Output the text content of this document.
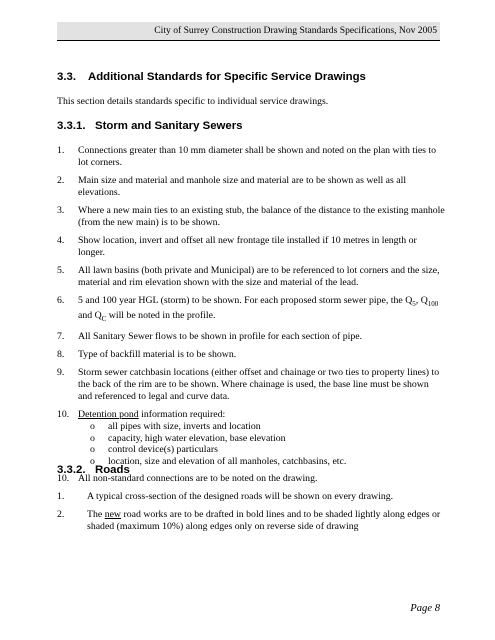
City of Surrey Construction Drawing Standards Specifications, Nov 2005
3.3. Additional Standards for Specific Service Drawings

This section details standards specific to individual service drawings.

3.3.1. Storm and Sanitary Sewers
1. Connections greater than 10 mm diameter shall be shown and noted on the plan with ties to lot corners.
2. Main size and material and manhole size and material are to be shown as well as all elevations.
3. Where a new main ties to an existing stub, the balance of the distance to the existing manhole (from the new main) is to be shown.
4. Show location, invert and offset all new frontage tile installed if 10 metres in length or longer.
5. All lawn basins (both private and Municipal) are to be referenced to lot corners and the size, material and rim elevation shown with the size and material of the lead.
6. 5 and 100 year HGL (storm) to be shown. For each proposed storm sewer pipe, the $Q_5$, $Q_{100}$ and $Q_C$ will be noted in the profile.
7. All Sanitary Sewer flows to be shown in profile for each section of pipe.
8. Type of backfill material is to be shown.
9. Storm sewer catchbasin locations (either offset and chainage or two ties to property lines) to the back of the rim are to be shown. Where chainage is used, the base line must be shown and referenced to legal and curve data.
10. Detention pond information required:
o all pipes with size, inverts and location
o capacity, high water elevation, base elevation
o control device(s) particulars
o location, size and elevation of all manholes, catchbasins, etc.
10. All non-standard connections are to be noted on the drawing.
3.3.2. Roads
1. A typical cross-section of the designed roads will be shown on every drawing.
2. The new road works are to be drafted in bold lines and to be shaded lightly along edges or shaded (maximum 10%) along edges only on reverse side of drawing
Page 8
